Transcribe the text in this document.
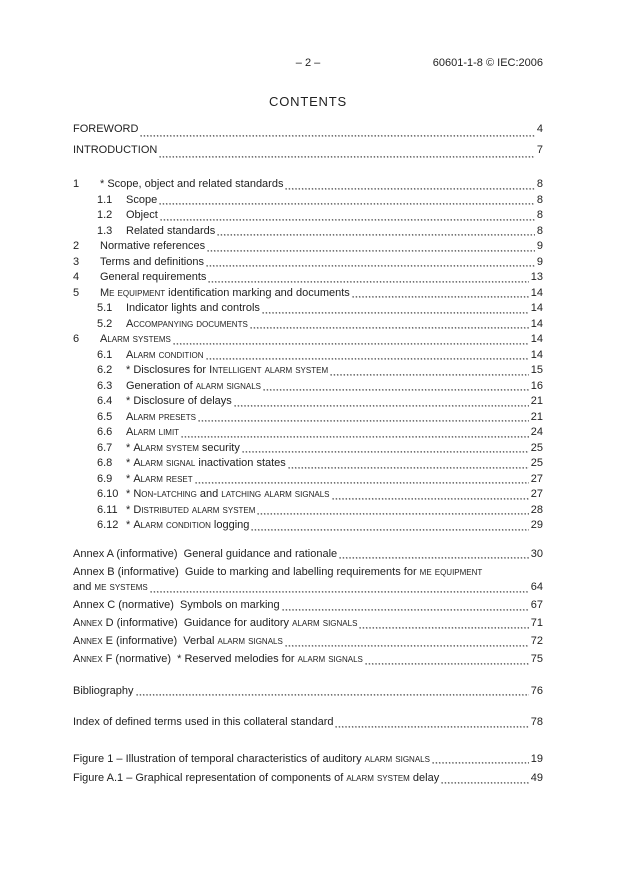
– 2 –	60601-1-8 © IEC:2006
CONTENTS
FOREWORD	4
INTRODUCTION	7
1	* Scope, object and related standards	8
1.1	Scope	8
1.2	Object	8
1.3	Related standards	8
2	Normative references	9
3	Terms and definitions	9
4	General requirements	13
5	Me equipment identification marking and documents	14
5.1	Indicator lights and controls	14
5.2	Accompanying documents	14
6	Alarm systems	14
6.1	Alarm condition	14
6.2	* Disclosures for Intelligent alarm system	15
6.3	Generation of alarm signals	16
6.4	* Disclosure of delays	21
6.5	Alarm presets	21
6.6	Alarm limit	24
6.7	* Alarm system security	25
6.8	* Alarm signal inactivation states	25
6.9	* Alarm reset	27
6.10 * Non-latching and latching alarm signals	27
6.11 * Distributed alarm system	28
6.12 * Alarm condition logging	29
Annex A (informative)  General guidance and rationale	30
Annex B (informative)  Guide to marking and labelling requirements for me equipment
and me systems	64
Annex C (normative)  Symbols on marking	67
Annex D (informative)  Guidance for auditory alarm signals	71
Annex E (informative)  Verbal alarm signals	72
Annex F (normative)  * Reserved melodies for alarm signals	75
Bibliography	76
Index of defined terms used in this collateral standard	78
Figure 1 – Illustration of temporal characteristics of auditory alarm signals	19
Figure A.1 – Graphical representation of components of alarm system delay	49
